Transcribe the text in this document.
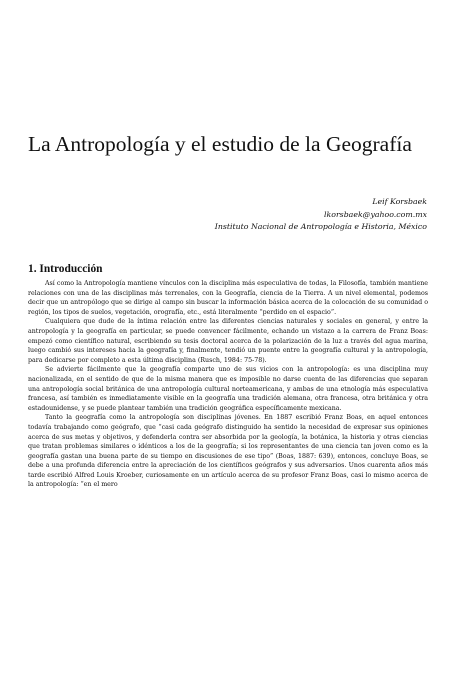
La Antropología y el estudio de la Geografía
Leif Korsbaek
lkorsbaek@yahoo.com.mx
Instituto Nacional de Antropología e Historia, México
1. Introducción

Así como la Antropología mantiene vínculos con la disciplina más especulativa de todas, la Filosofía, también mantiene relaciones con una de las disciplinas más terrenales, con la Geografía, ciencia de la Tierra. A un nivel elemental, podemos decir que un antropólogo que se dirige al campo sin buscar la información básica acerca de la colocación de su comunidad o región, los tipos de suelos, vegetación, orografía, etc., está literalmente “perdido en el espacio”.

Cualquiera que dude de la íntima relación entre las diferentes ciencias naturales y sociales en general, y entre la antropología y la geografía en particular, se puede convencer fácilmente, echando un vistazo a la carrera de Franz Boas: empezó como científico natural, escribiendo su tesis doctoral acerca de la polarización de la luz a través del agua marina, luego cambió sus intereses hacia la geografía y, finalmente, tendió un puente entre la geografía cultural y la antropología, para dedicarse por completo a esta última disciplina (Rusch, 1984: 75-78).

Se advierte fácilmente que la geografía comparte uno de sus vicios con la antropología: es una disciplina muy nacionalizada, en el sentido de que de la misma manera que es imposible no darse cuenta de las diferencias que separan una antropología social británica de una antropología cultural norteamericana, y ambas de una etnología más especulativa francesa, así también es inmediatamente visible en la geografía una tradición alemana, otra francesa, otra británica y otra estadounidense, y se puede plantear también una tradición geográfica específicamente mexicana.

Tanto la geografía como la antropología son disciplinas jóvenes. En 1887 escribió Franz Boas, en aquel entonces todavía trabajando como geógrafo, que “casi cada geógrafo distinguido ha sentido la necesidad de expresar sus opiniones acerca de sus metas y objetivos, y defenderla contra ser absorbida por la geología, la botánica, la historia y otras ciencias que tratan problemas similares o idénticos a los de la geografía; si los representantes de una ciencia tan joven como es la geografía gastan una buena parte de su tiempo en discusiones de ese tipo” (Boas, 1887: 639), entonces, concluye Boas, se debe a una profunda diferencia entre la apreciación de los científicos geógrafos y sus adversarios. Unos cuarenta años más tarde escribió Alfred Louis Kroeber, curiosamente en un artículo acerca de su profesor Franz Boas, casi lo mismo acerca de la antropología: “en el mero
